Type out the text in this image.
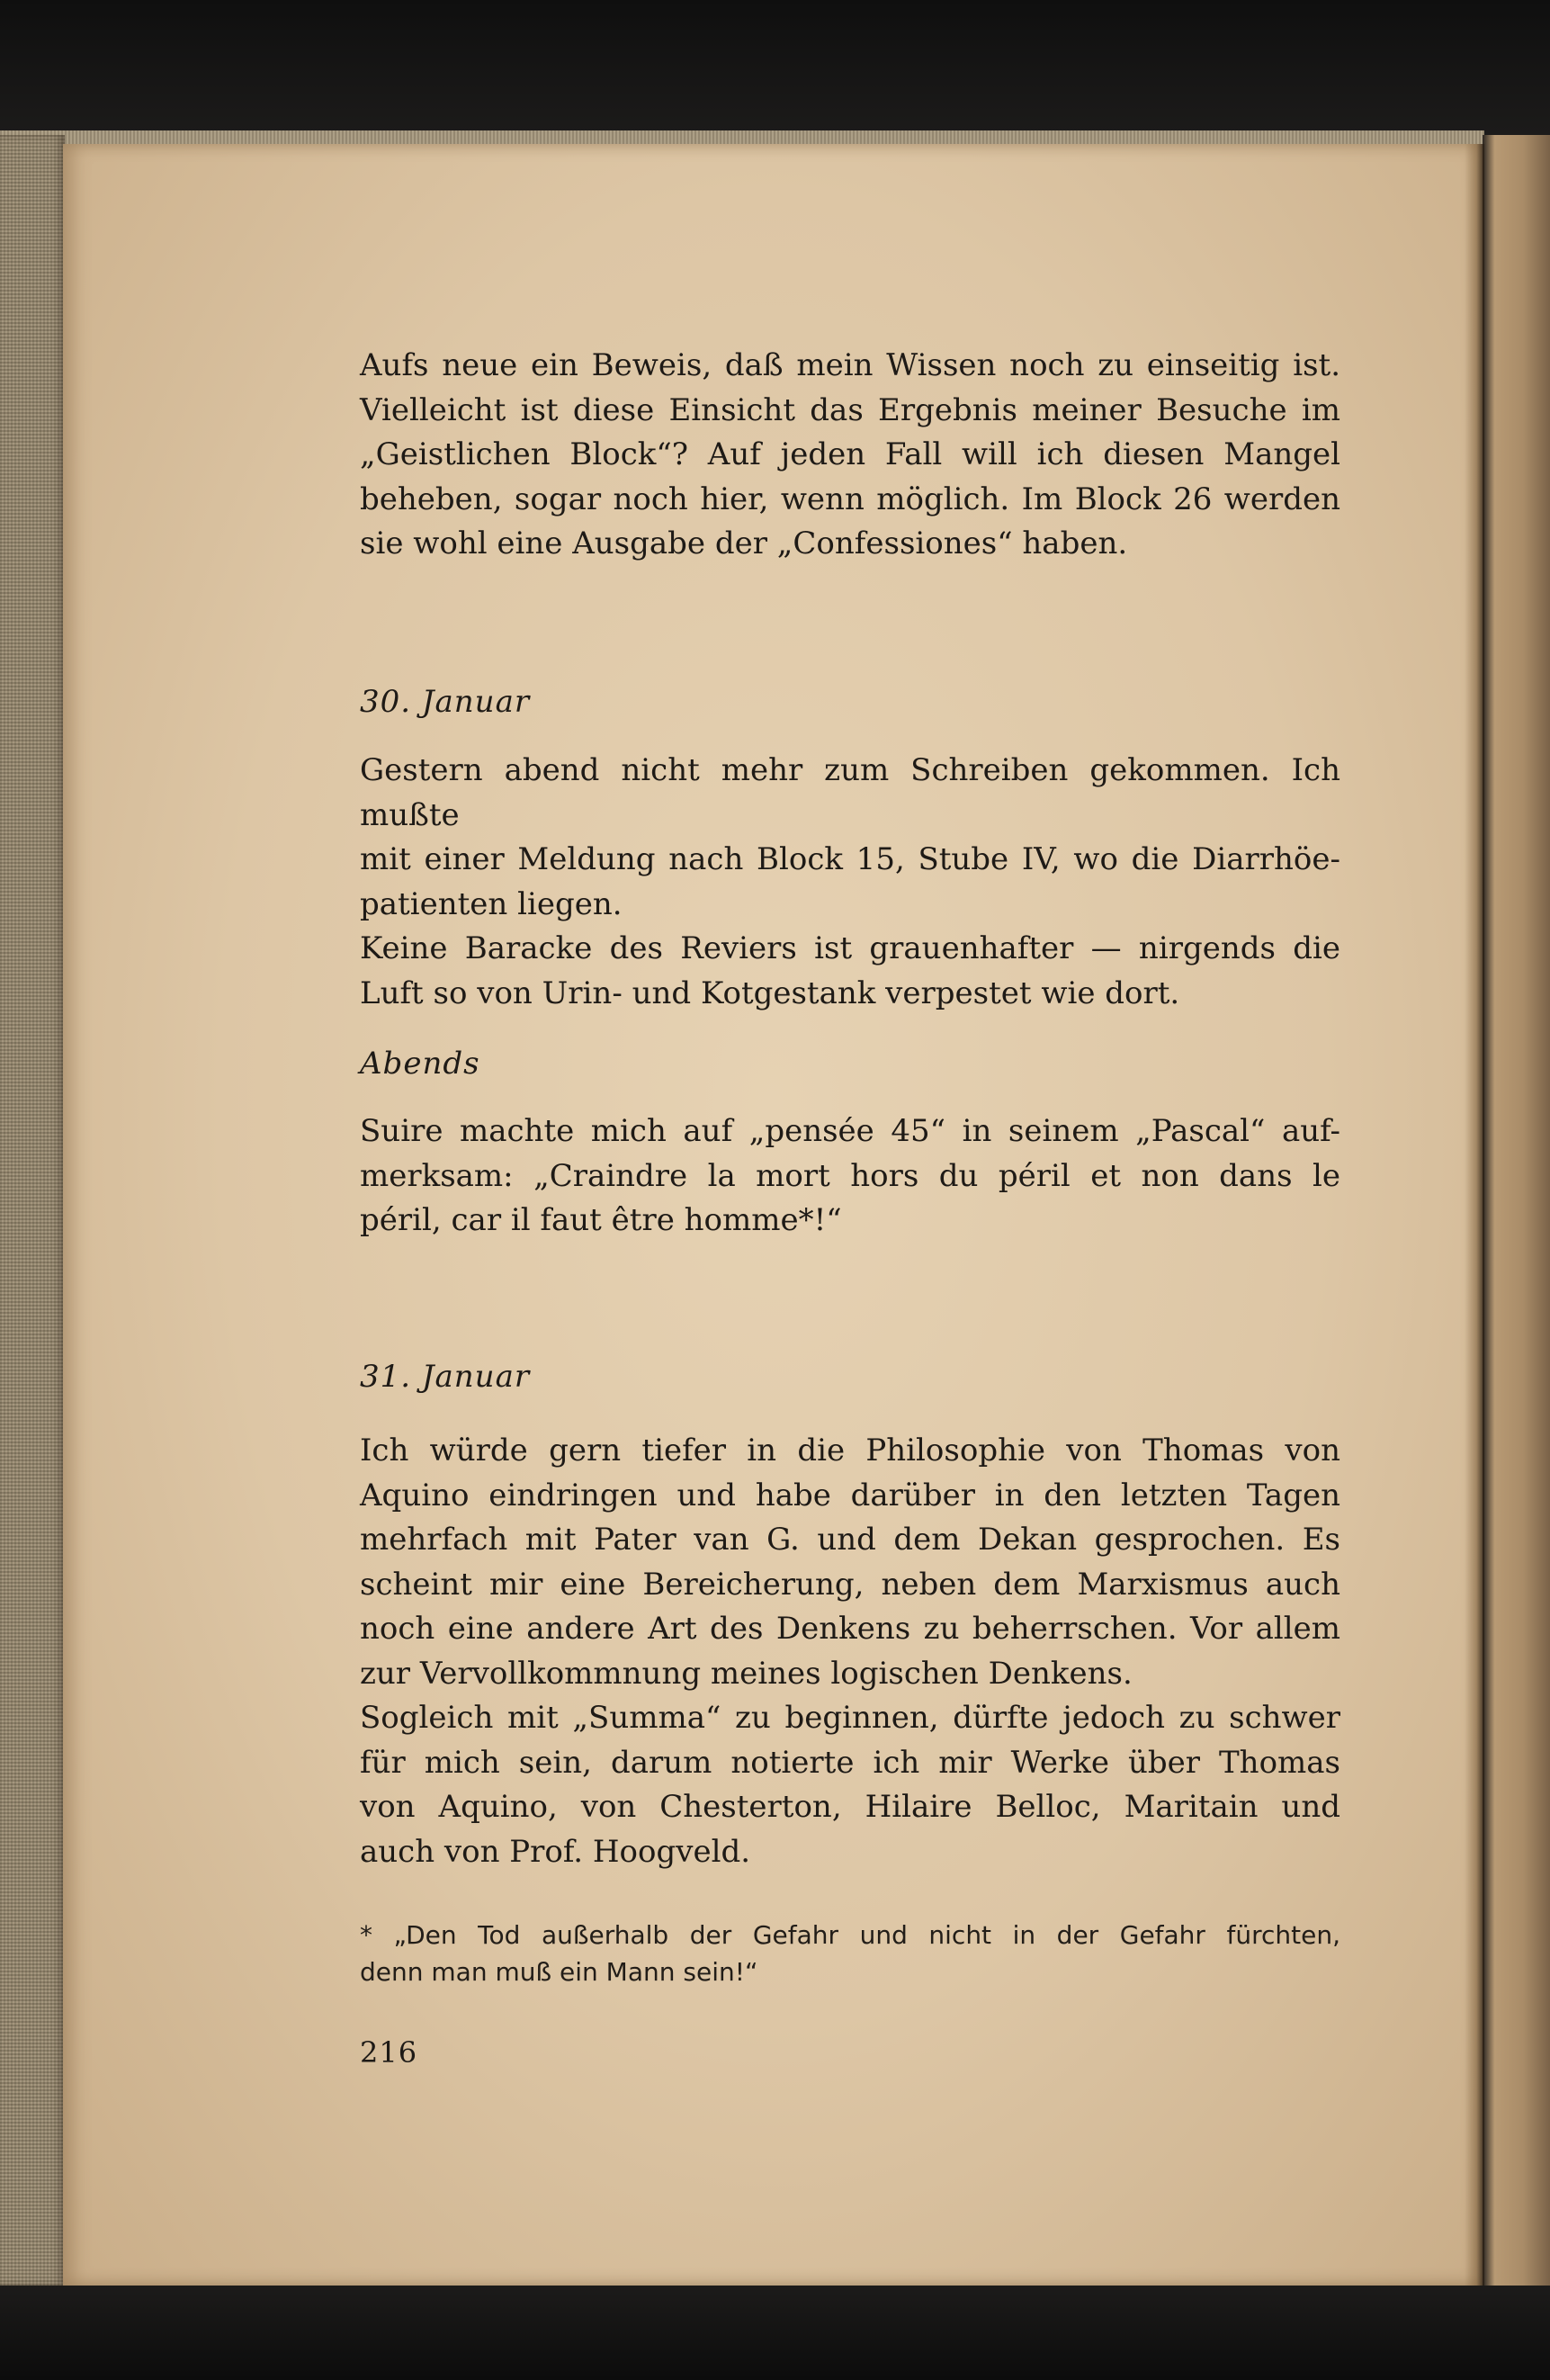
Aufs neue ein Beweis, daß mein Wissen noch zu einseitig ist.

Vielleicht ist diese Einsicht das Ergebnis meiner Besuche im

„Geistlichen Block“? Auf jeden Fall will ich diesen Mangel

beheben, sogar noch hier, wenn möglich. Im Block 26 werden

sie wohl eine Ausgabe der „Confessiones“ haben.

30. Januar

Gestern abend nicht mehr zum Schreiben gekommen. Ich mußte

mit einer Meldung nach Block 15, Stube IV, wo die Diarrhöe-

patienten liegen.

Keine Baracke des Reviers ist grauenhafter — nirgends die

Luft so von Urin- und Kotgestank verpestet wie dort.

Abends

Suire machte mich auf „pensée 45“ in seinem „Pascal“ auf-

merksam: „Craindre la mort hors du péril et non dans le

péril, car il faut être homme*!“

31. Januar

Ich würde gern tiefer in die Philosophie von Thomas von

Aquino eindringen und habe darüber in den letzten Tagen

mehrfach mit Pater van G. und dem Dekan gesprochen. Es

scheint mir eine Bereicherung, neben dem Marxismus auch

noch eine andere Art des Denkens zu beherrschen. Vor allem

zur Vervollkommnung meines logischen Denkens.

Sogleich mit „Summa“ zu beginnen, dürfte jedoch zu schwer

für mich sein, darum notierte ich mir Werke über Thomas

von Aquino, von Chesterton, Hilaire Belloc, Maritain und

auch von Prof. Hoogveld.

* „Den Tod außerhalb der Gefahr und nicht in der Gefahr fürchten,
denn man muß ein Mann sein!“
216
